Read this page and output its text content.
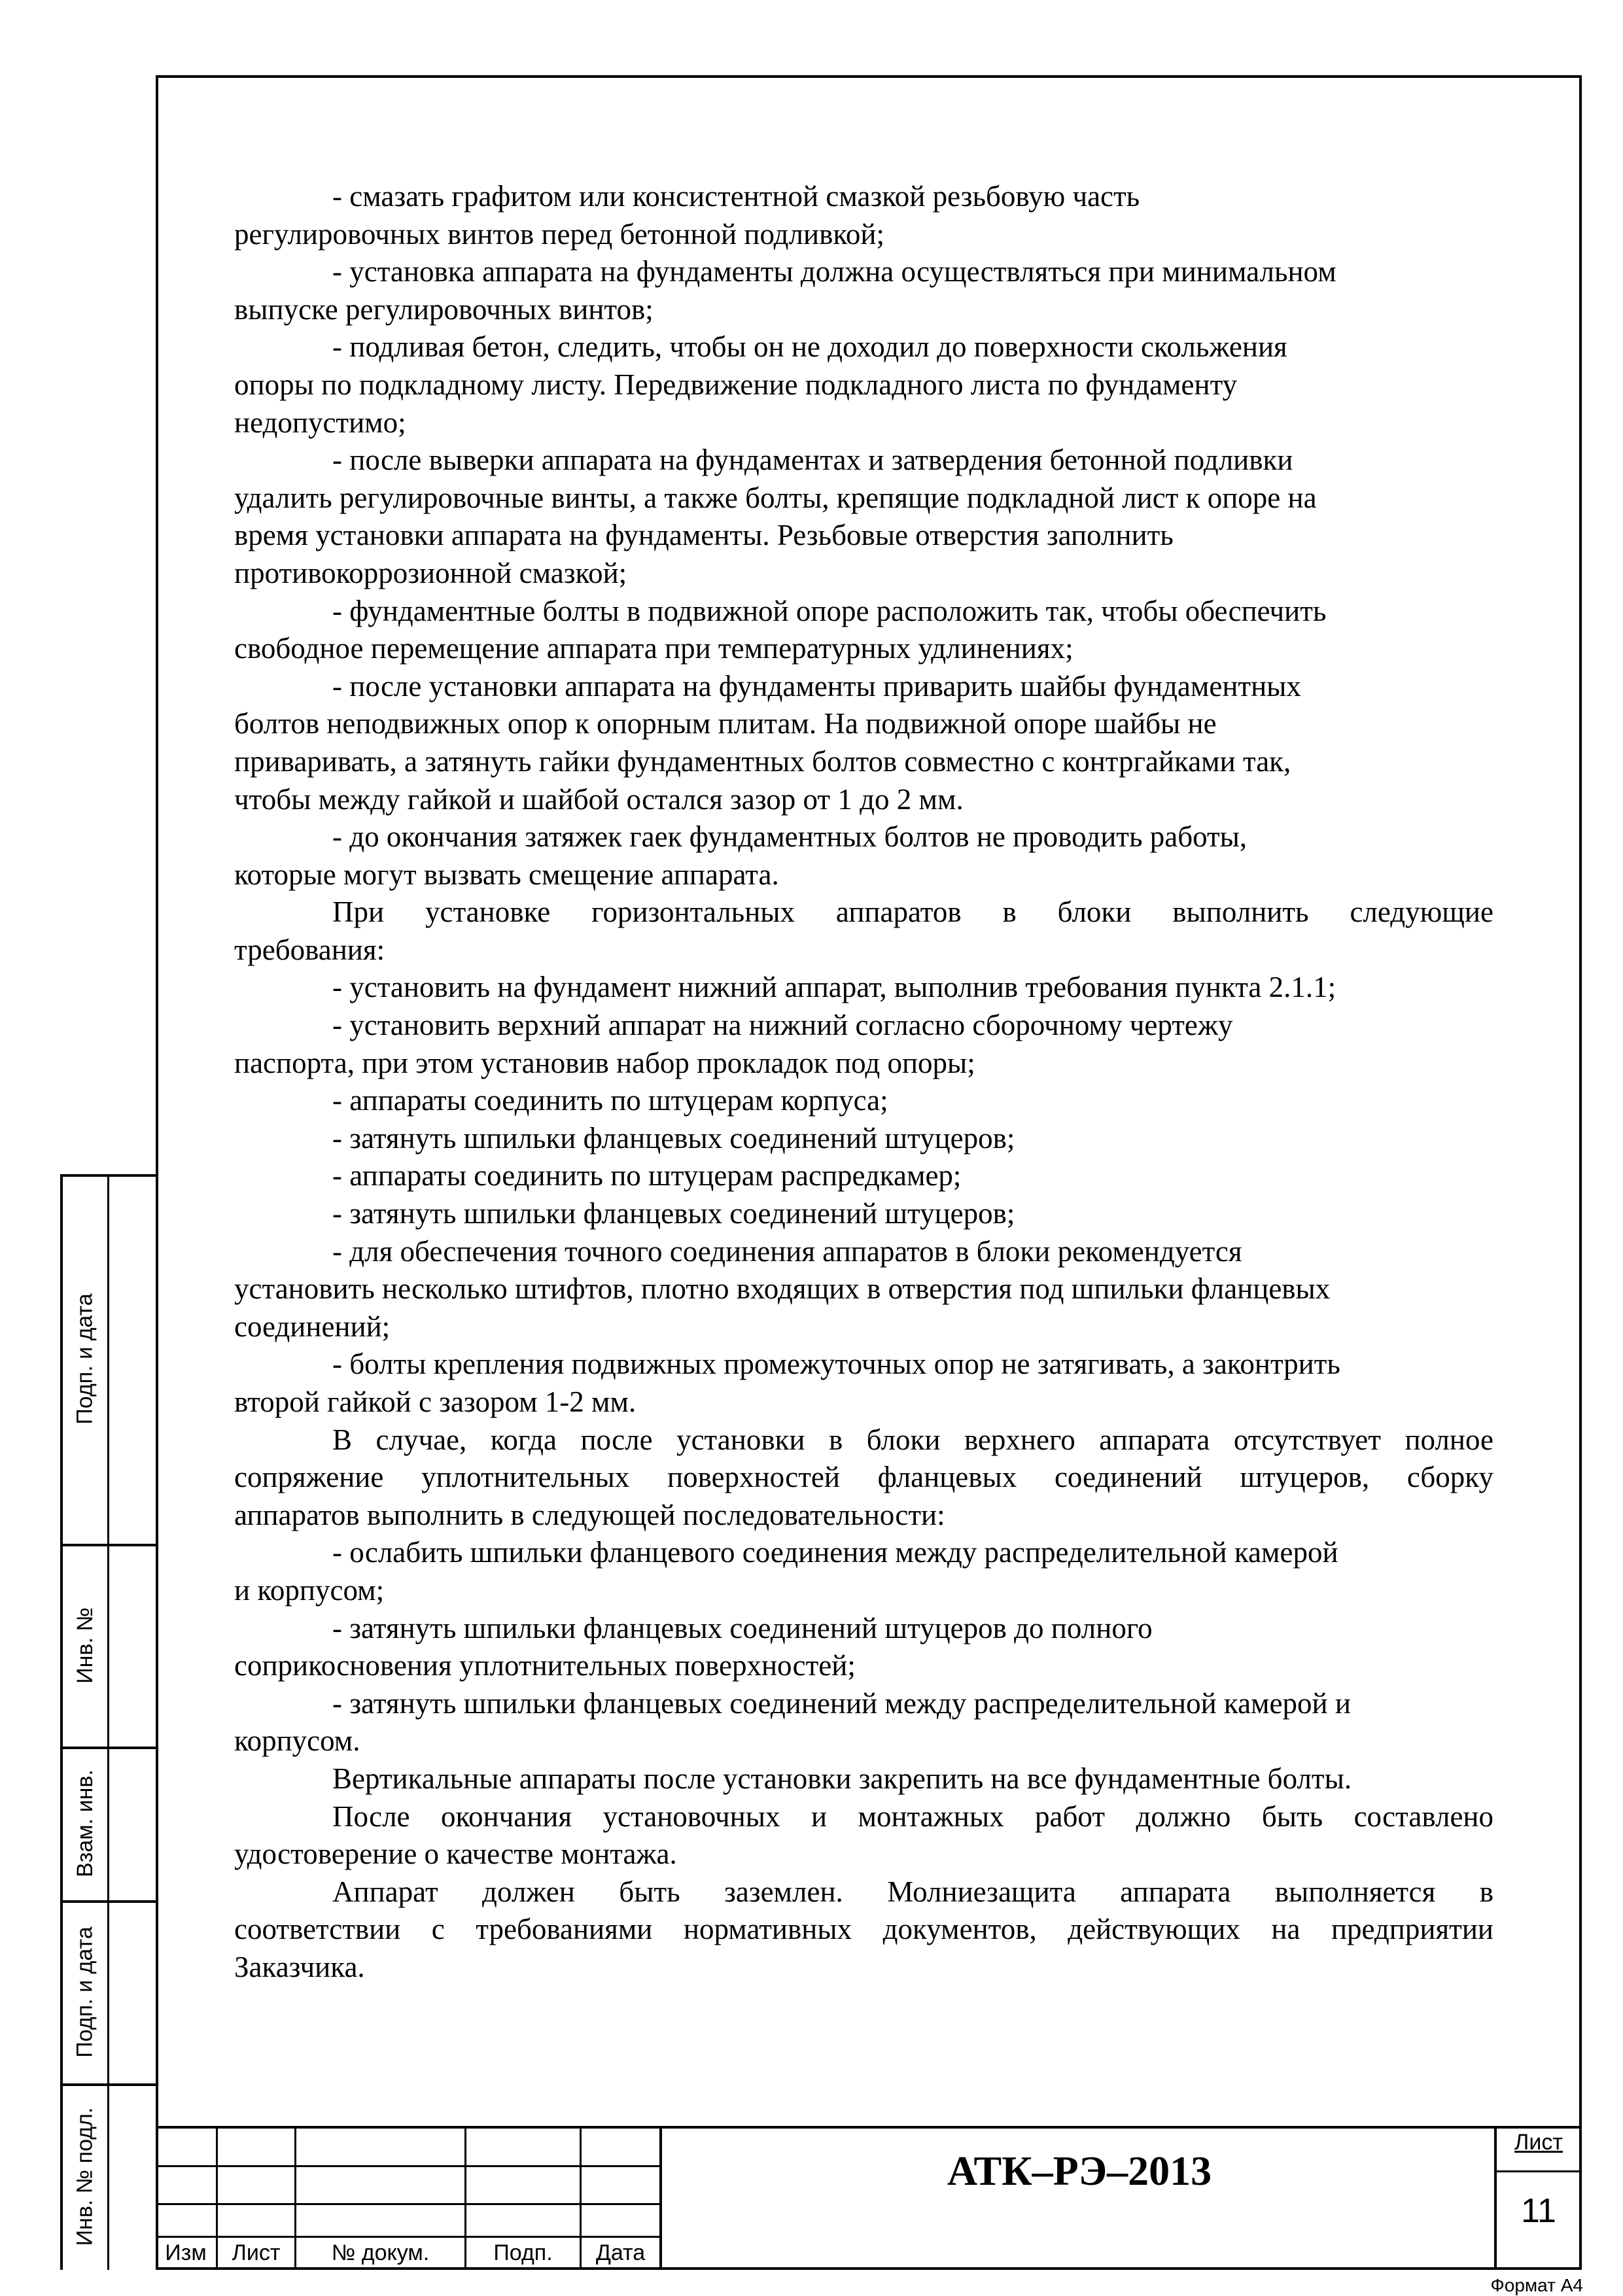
- смазать графитом или консистентной смазкой резьбовую часть
регулировочных винтов перед бетонной подливкой;
- установка аппарата на фундаменты должна осуществляться при минимальном
выпуске регулировочных винтов;
- подливая бетон, следить, чтобы он не доходил до поверхности скольжения
опоры по подкладному листу. Передвижение подкладного листа по фундаменту
недопустимо;
- после выверки аппарата на фундаментах и затвердения бетонной подливки
удалить регулировочные винты, а также болты, крепящие подкладной лист к опоре на
время установки аппарата на фундаменты. Резьбовые отверстия заполнить
противокоррозионной смазкой;
- фундаментные болты в подвижной опоре расположить так, чтобы обеспечить
свободное перемещение аппарата при температурных удлинениях;
- после установки аппарата на фундаменты приварить шайбы фундаментных
болтов неподвижных опор к опорным плитам. На подвижной опоре шайбы не
приваривать, а затянуть гайки фундаментных болтов совместно с контргайками так,
чтобы между гайкой и шайбой остался зазор от 1 до 2 мм.
- до окончания затяжек гаек фундаментных болтов не проводить работы,
которые могут вызвать смещение аппарата.
При установке горизонтальных аппаратов в блоки выполнить следующие
требования:
- установить на фундамент нижний аппарат, выполнив требования пункта 2.1.1;
- установить верхний аппарат на нижний согласно сборочному чертежу
паспорта, при этом установив набор прокладок под опоры;
- аппараты соединить по штуцерам корпуса;
- затянуть шпильки фланцевых соединений штуцеров;
- аппараты соединить по штуцерам распредкамер;
- затянуть шпильки фланцевых соединений штуцеров;
- для обеспечения точного соединения аппаратов в блоки рекомендуется
установить несколько штифтов, плотно входящих в отверстия под шпильки фланцевых
соединений;
- болты крепления подвижных промежуточных опор не затягивать, а законтрить
второй гайкой с зазором 1-2 мм.
В случае, когда после установки в блоки верхнего аппарата отсутствует полное
сопряжение уплотнительных поверхностей фланцевых соединений штуцеров, сборку
аппаратов выполнить в следующей последовательности:
- ослабить шпильки фланцевого соединения между распределительной камерой
и корпусом;
- затянуть шпильки фланцевых соединений штуцеров до полного
соприкосновения уплотнительных поверхностей;
- затянуть шпильки фланцевых соединений между распределительной камерой и
корпусом.
Вертикальные аппараты после установки закрепить на все фундаментные болты.
После окончания установочных и монтажных работ должно быть составлено
удостоверение о качестве монтажа.
Аппарат должен быть заземлен. Молниезащита аппарата выполняется в
соответствии с требованиями нормативных документов, действующих на предприятии
Заказчика.
Подп. и дата
Инв. №
Взам. инв.
Подп. и дата
Инв. № подл.
Изм	Лист	№ докум.	Подп.	Дата
АТК–РЭ–2013
Лист
11
Формат А4
